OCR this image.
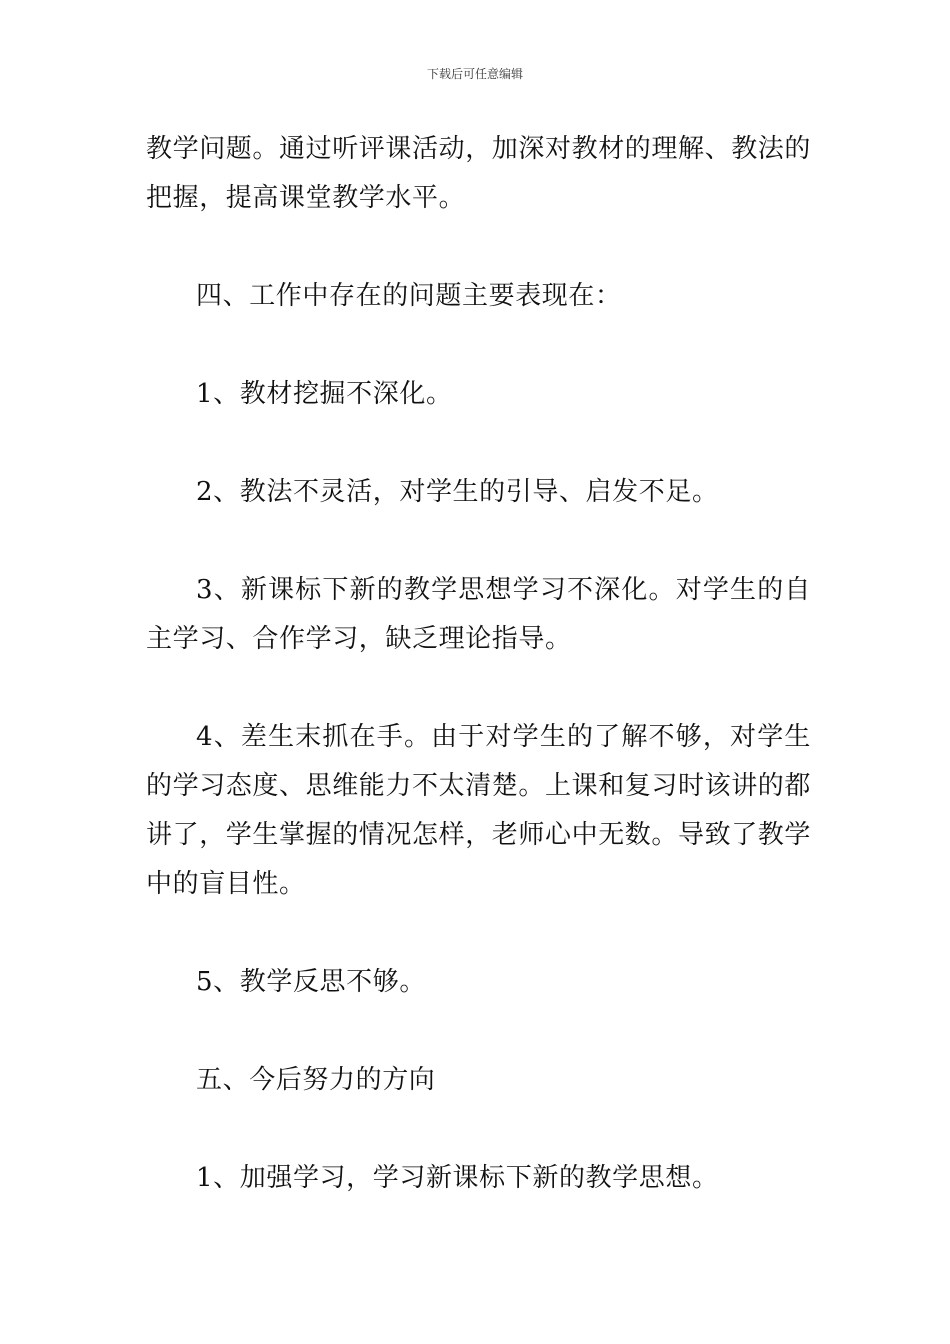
下载后可任意编辑

教学问题。通过听评课活动，加深对教材的理解、教法的把握，提高课堂教学水平。

四、工作中存在的问题主要表现在：

1、教材挖掘不深化。

2、教法不灵活，对学生的引导、启发不足。

3、新课标下新的教学思想学习不深化。对学生的自主学习、合作学习，缺乏理论指导。

4、差生末抓在手。由于对学生的了解不够，对学生的学习态度、思维能力不太清楚。上课和复习时该讲的都讲了，学生掌握的情况怎样，老师心中无数。导致了教学中的盲目性。

5、教学反思不够。

五、今后努力的方向

1、加强学习，学习新课标下新的教学思想。
